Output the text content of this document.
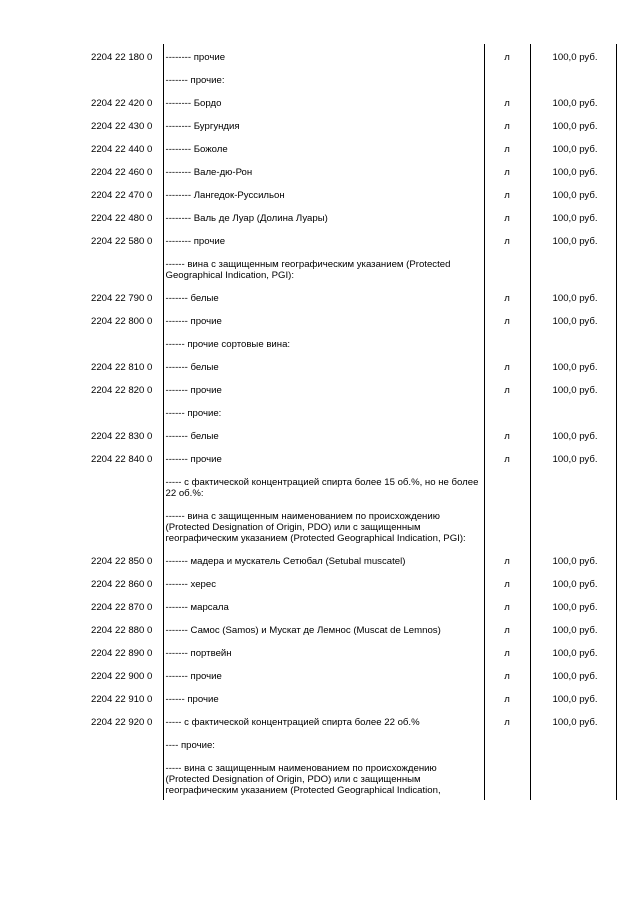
2204 22 180 0	-------- прочие	л	100,0 руб.
	------- прочие:		
2204 22 420 0	-------- Бордо	л	100,0 руб.
2204 22 430 0	-------- Бургундия	л	100,0 руб.
2204 22 440 0	-------- Божоле	л	100,0 руб.
2204 22 460 0	-------- Вале-дю-Рон	л	100,0 руб.
2204 22 470 0	-------- Лангедок-Руссильон	л	100,0 руб.
2204 22 480 0	-------- Валь де Луар (Долина Луары)	л	100,0 руб.
2204 22 580 0	-------- прочие	л	100,0 руб.
	------ вина с защищенным географическим указанием (Protected Geographical Indication, PGI):		
2204 22 790 0	------- белые	л	100,0 руб.
2204 22 800 0	------- прочие	л	100,0 руб.
	------ прочие сортовые вина:		
2204 22 810 0	------- белые	л	100,0 руб.
2204 22 820 0	------- прочие	л	100,0 руб.
	------ прочие:		
2204 22 830 0	------- белые	л	100,0 руб.
2204 22 840 0	------- прочие	л	100,0 руб.
	----- с фактической концентрацией спирта более 15 об.%, но не более 22 об.%:		
	------ вина с защищенным наименованием по происхождению (Protected Designation of Origin, PDO) или с защищенным географическим указанием (Protected Geographical Indication, PGI):		
2204 22 850 0	------- мадера и мускатель Сетюбал (Setubal muscatel)	л	100,0 руб.
2204 22 860 0	------- херес	л	100,0 руб.
2204 22 870 0	------- марсала	л	100,0 руб.
2204 22 880 0	------- Самос (Samos) и Мускат де Лемнос (Muscat de Lemnos)	л	100,0 руб.
2204 22 890 0	------- портвейн	л	100,0 руб.
2204 22 900 0	------- прочие	л	100,0 руб.
2204 22 910 0	------ прочие	л	100,0 руб.
2204 22 920 0	----- с фактической концентрацией спирта более 22 об.%	л	100,0 руб.
	---- прочие:		
	----- вина с защищенным наименованием по происхождению (Protected Designation of Origin, PDO) или с защищенным географическим указанием (Protected Geographical Indication,		
